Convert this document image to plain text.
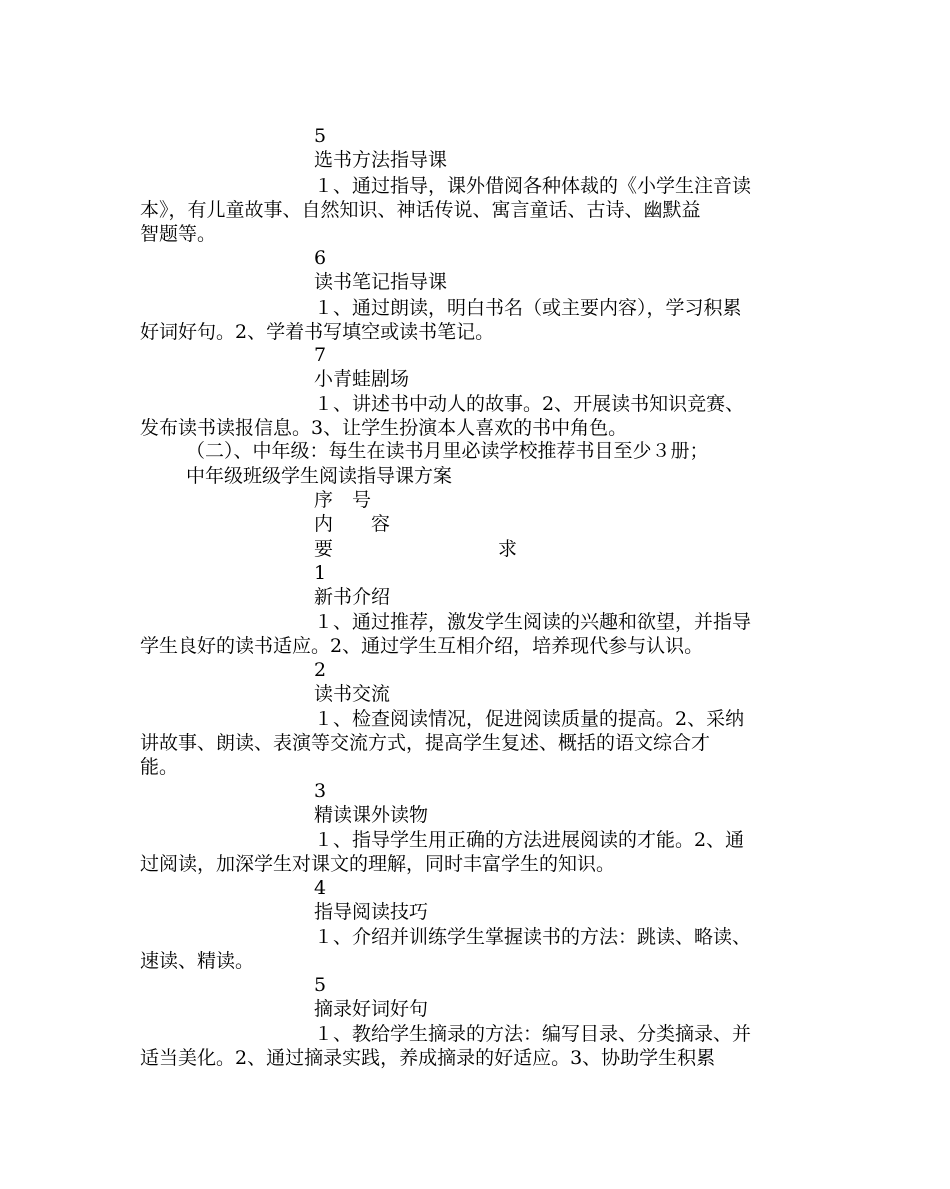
5
选书方法指导课
１、通过指导，课外借阅各种体裁的《小学生注音读
本》，有儿童故事、自然知识、神话传说、寓言童话、古诗、幽默益
智题等。
6
读书笔记指导课
１、通过朗读，明白书名（或主要内容），学习积累
好词好句。2、学着书写填空或读书笔记。
7
小青蛙剧场
１、讲述书中动人的故事。2、开展读书知识竞赛、
发布读书读报信息。3、让学生扮演本人喜欢的书中角色。
（二）、中年级：每生在读书月里必读学校推荐书目至少３册；
中年级班级学生阅读指导课方案
序　号
内　　容
要	求
1
新书介绍
１、通过推荐，激发学生阅读的兴趣和欲望，并指导
学生良好的读书适应。2、通过学生互相介绍，培养现代参与认识。
2
读书交流
１、检查阅读情况，促进阅读质量的提高。2、采纳
讲故事、朗读、表演等交流方式，提高学生复述、概括的语文综合才
能。
3
精读课外读物
１、指导学生用正确的方法进展阅读的才能。2、通
过阅读，加深学生对课文的理解，同时丰富学生的知识。
4
指导阅读技巧
１、介绍并训练学生掌握读书的方法：跳读、略读、
速读、精读。
5
摘录好词好句
１、教给学生摘录的方法：编写目录、分类摘录、并
适当美化。2、通过摘录实践，养成摘录的好适应。3、协助学生积累
